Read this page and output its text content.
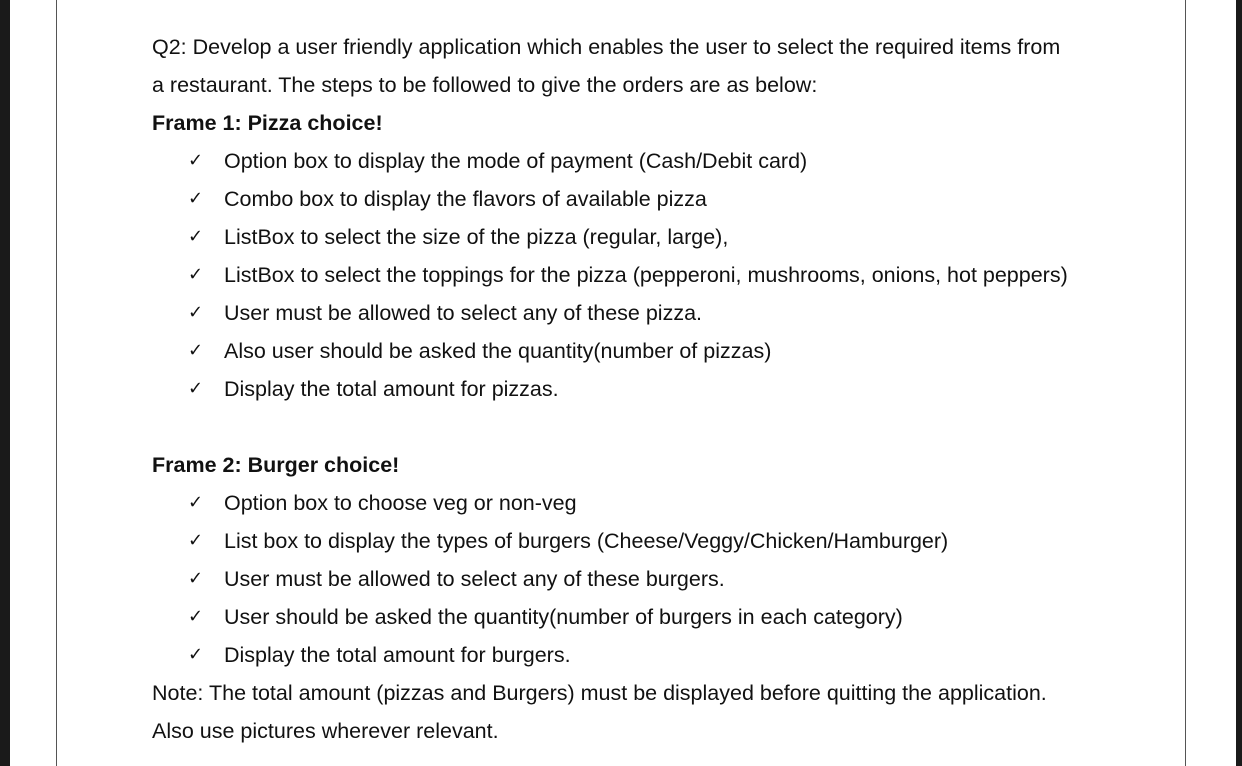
Q2: Develop a user friendly application which enables the user to select the required items from
a restaurant. The steps to be followed to give the orders are as below:
Frame 1: Pizza choice!
✓ Option box to display the mode of payment (Cash/Debit card)
✓ Combo box to display the flavors of available pizza
✓ ListBox to select the size of the pizza (regular, large),
✓ ListBox to select the toppings for the pizza (pepperoni, mushrooms, onions, hot peppers)
✓ User must be allowed to select any of these pizza.
✓ Also user should be asked the quantity(number of pizzas)
✓ Display the total amount for pizzas.
Frame 2: Burger choice!
✓ Option box to choose veg or non-veg
✓ List box to display the types of burgers (Cheese/Veggy/Chicken/Hamburger)
✓ User must be allowed to select any of these burgers.
✓ User should be asked the quantity(number of burgers in each category)
✓ Display the total amount for burgers.
Note: The total amount (pizzas and Burgers) must be displayed before quitting the application.
Also use pictures wherever relevant.
